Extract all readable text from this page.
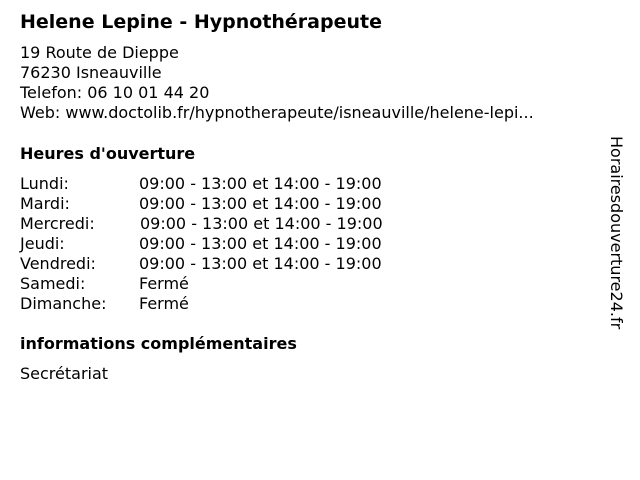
Helene Lepine - Hypnothérapeute
19 Route de Dieppe
76230 Isneauville
Telefon: 06 10 01 44 20
Web: www.doctolib.fr/hypnotherapeute/isneauville/helene-lepi...
Heures d'ouverture
Lundi:	09:00 - 13:00 et 14:00 - 19:00
Mardi:	09:00 - 13:00 et 14:00 - 19:00
Mercredi:	09:00 - 13:00 et 14:00 - 19:00
Jeudi:	09:00 - 13:00 et 14:00 - 19:00
Vendredi:	09:00 - 13:00 et 14:00 - 19:00
Samedi:	Fermé
Dimanche: Fermé
informations complémentaires
Secrétariat
Horairesdouverture24.fr
